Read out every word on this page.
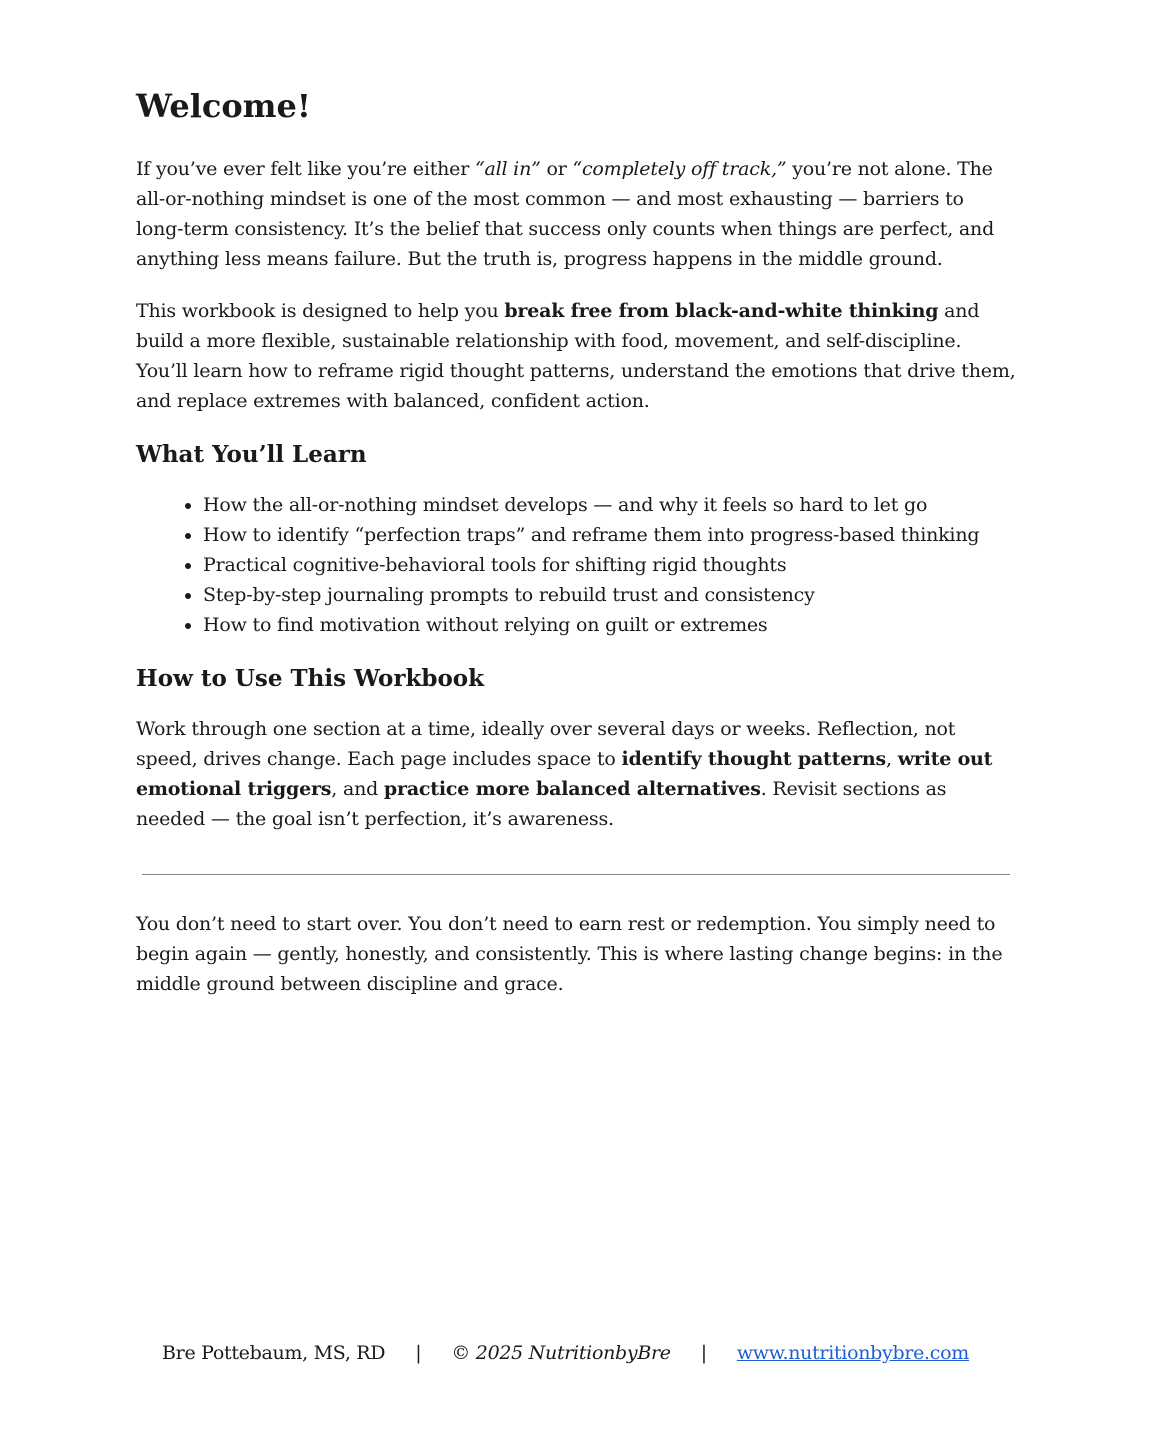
Welcome!

If you’ve ever felt like you’re either “all in” or “completely off track,” you’re not alone. The all-or-nothing mindset is one of the most common — and most exhausting — barriers to long-term consistency. It’s the belief that success only counts when things are perfect, and anything less means failure. But the truth is, progress happens in the middle ground.

This workbook is designed to help you break free from black-and-white thinking and build a more flexible, sustainable relationship with food, movement, and self-discipline. You’ll learn how to reframe rigid thought patterns, understand the emotions that drive them, and replace extremes with balanced, confident action.

What You’ll Learn
• How the all-or-nothing mindset develops — and why it feels so hard to let go
• How to identify “perfection traps” and reframe them into progress-based thinking
• Practical cognitive-behavioral tools for shifting rigid thoughts
• Step-by-step journaling prompts to rebuild trust and consistency
• How to find motivation without relying on guilt or extremes
How to Use This Workbook

Work through one section at a time, ideally over several days or weeks. Reflection, not speed, drives change. Each page includes space to identify thought patterns, write out emotional triggers, and practice more balanced alternatives. Revisit sections as needed — the goal isn’t perfection, it’s awareness.

You don’t need to start over. You don’t need to earn rest or redemption. You simply need to begin again — gently, honestly, and consistently. This is where lasting change begins: in the middle ground between discipline and grace.

Bre Pottebaum, MS, RD | © 2025 NutritionbyBre | www.nutritionbybre.com
